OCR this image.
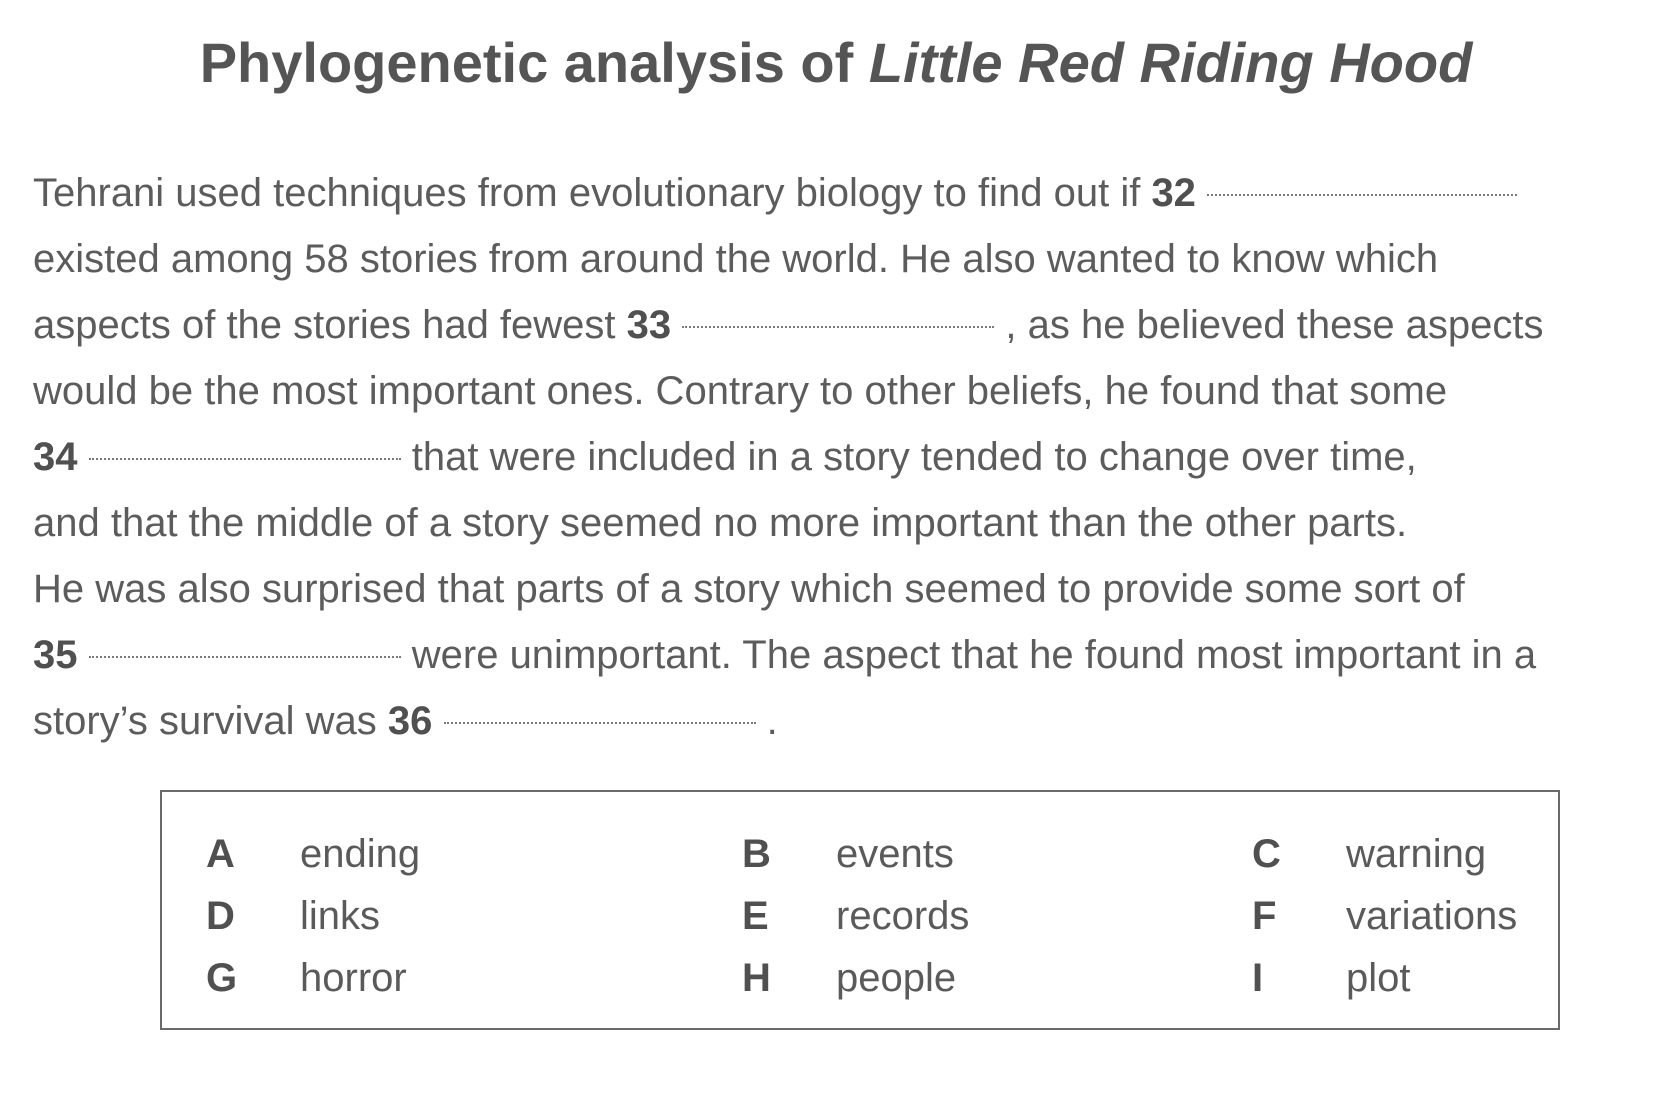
Phylogenetic analysis of Little Red Riding Hood
Tehrani used techniques from evolutionary biology to find out if 32
existed among 58 stories from around the world. He also wanted to know which
aspects of the stories had fewest 33	, as he believed these aspects
would be the most important ones. Contrary to other beliefs, he found that some
34	that were included in a story tended to change over time,
and that the middle of a story seemed no more important than the other parts.
He was also surprised that parts of a story which seemed to provide some sort of
35	were unimportant. The aspect that he found most important in a
story’s survival was 36	.
A ending	B events	C warning
D links	E records	F variations
G horror	H people	I plot
